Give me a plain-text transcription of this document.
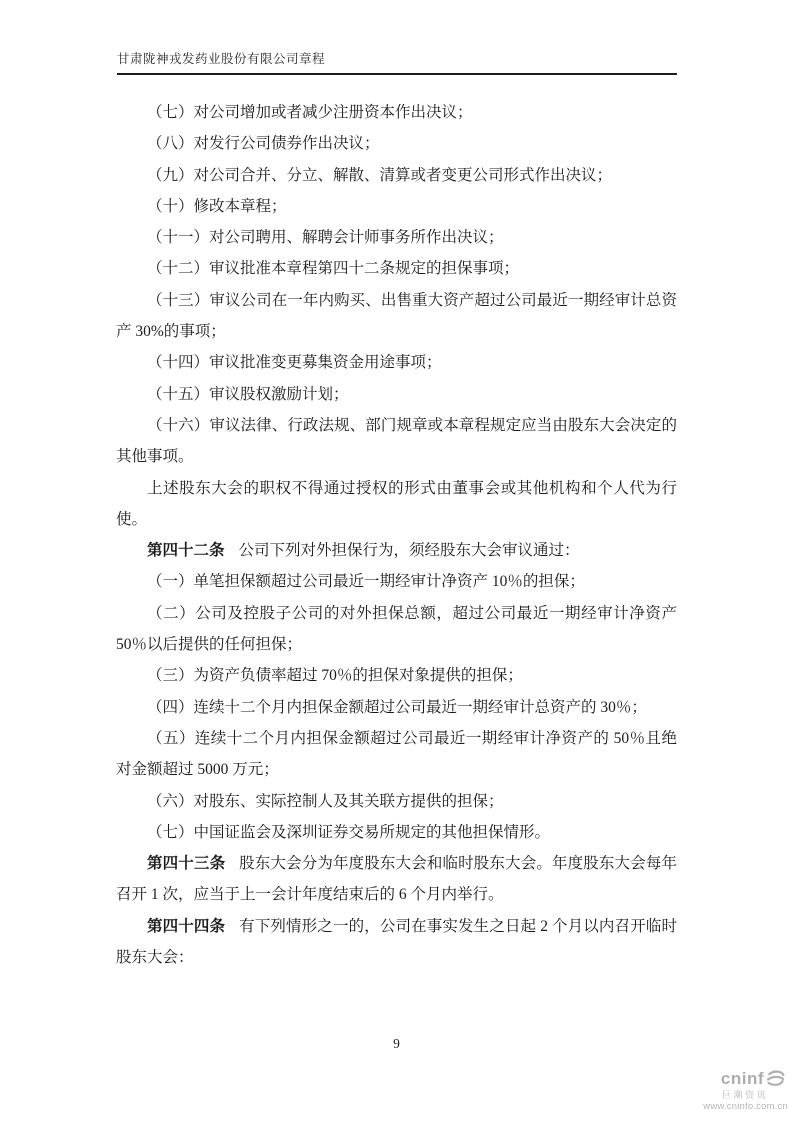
甘肃陇神戎发药业股份有限公司章程

（七）对公司增加或者减少注册资本作出决议；

（八）对发行公司债券作出决议；

（九）对公司合并、分立、解散、清算或者变更公司形式作出决议；

（十）修改本章程；

（十一）对公司聘用、解聘会计师事务所作出决议；

（十二）审议批准本章程第四十二条规定的担保事项；

（十三）审议公司在一年内购买、出售重大资产超过公司最近一期经审计总资产 30%的事项；

（十四）审议批准变更募集资金用途事项；

（十五）审议股权激励计划；

（十六）审议法律、行政法规、部门规章或本章程规定应当由股东大会决定的其他事项。

上述股东大会的职权不得通过授权的形式由董事会或其他机构和个人代为行使。

第四十二条 公司下列对外担保行为，须经股东大会审议通过：

（一）单笔担保额超过公司最近一期经审计净资产 10％的担保；

（二）公司及控股子公司的对外担保总额，超过公司最近一期经审计净资产 50％以后提供的任何担保；

（三）为资产负债率超过 70％的担保对象提供的担保；

（四）连续十二个月内担保金额超过公司最近一期经审计总资产的 30％；

（五）连续十二个月内担保金额超过公司最近一期经审计净资产的 50％且绝对金额超过 5000 万元；

（六）对股东、实际控制人及其关联方提供的担保；

（七）中国证监会及深圳证券交易所规定的其他担保情形。

第四十三条 股东大会分为年度股东大会和临时股东大会。年度股东大会每年召开 1 次，应当于上一会计年度结束后的 6 个月内举行。

第四十四条 有下列情形之一的，公司在事实发生之日起 2 个月以内召开临时股东大会：

9
cninf
巨潮资讯
www.cninfo.com.cn
